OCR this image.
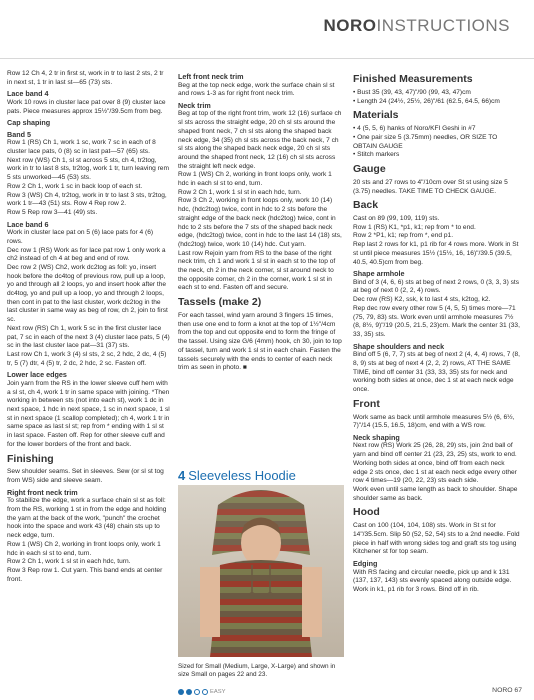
NOROINSTRUCTIONS
Row 12 Ch 4, 2 tr in first st, work in tr to last 2 sts, 2 tr in next st, 1 tr in last st—65 (73) sts.
Lace band 4
Work 10 rows in cluster lace pat over 8 (9) cluster lace pats. Piece measures approx 15½"/39.5cm from beg.
Cap shaping
Band 5
Row 1 (RS) Ch 1, work 1 sc, work 7 sc in each of 8 cluster lace pats, 0 (8) sc in last pat—57 (65) sts.
Next row (WS) Ch 1, sl st across 5 sts, ch 4, tr2tog, work in tr to last 8 sts, tr2tog, work 1 tr, turn leaving rem 5 sts unworked—45 (53) sts.
Row 2 Ch 1, work 1 sc in back loop of each st.
Row 3 (WS) Ch 4, tr2tog, work in tr to last 3 sts, tr2tog, work 1 tr—43 (51) sts. Row 4 Rep row 2.
Row 5 Rep row 3—41 (49) sts.
Lace band 6
Work in cluster lace pat on 5 (6) lace pats for 4 (6) rows.
Dec row 1 (RS) Work as for lace pat row 1 only work a ch2 instead of ch 4 at beg and end of row.
Dec row 2 (WS) Ch2, work dc2tog as foll: yo, insert hook before the dc4tog of previous row, pull up a loop, yo and through all 2 loops, yo and insert hook after the dc4tog, yo and pull up a loop, yo and through 2 loops, then cont in pat to the last cluster, work dc2tog in the last cluster in same way as beg of row, ch 2, join to first sc.
Next row (RS) Ch 1, work 5 sc in the first cluster lace pat, 7 sc in each of the next 3 (4) cluster lace pats, 5 (4) sc in the last cluster lace pat—31 (37) sts.
Last row Ch 1, work 3 (4) sl sts, 2 sc, 2 hdc, 2 dc, 4 (5) tr, 5 (7) dtr, 4 (5) tr, 2 dc, 2 hdc, 2 sc. Fasten off.
Lower lace edges
Join yarn from the RS in the lower sleeve cuff hem with a sl st, ch 4, work 1 tr in same space with joining. *Then working in between sts (not into each st), work 1 dc in next space, 1 hdc in next space, 1 sc in next space, 1 sl st in next space (1 scallop completed); ch 4, work 1 tr in same space as last sl st; rep from * ending with 1 sl st in last space. Fasten off. Rep for other sleeve cuff and for the lower borders of the front and back.
Finishing
Sew shoulder seams. Set in sleeves. Sew (or sl st tog from WS) side and sleeve seam.
Right front neck trim
To stabilize the edge, work a surface chain sl st as foll: from the RS, working 1 st in from the edge and holding the yarn at the back of the work, "punch" the crochet hook into the space and work 43 (48) chain sts up to neck edge, turn.
Row 1 (WS) Ch 2, working in front loops only, work 1 hdc in each sl st to end, turn.
Row 2 Ch 1, work 1 sl st in each hdc, turn.
Row 3 Rep row 1. Cut yarn. This band ends at center front.
Left front neck trim
Beg at the top neck edge, work the surface chain sl st and rows 1-3 as for right front neck trim.
Neck trim
Beg at top of the right front trim, work 12 (16) surface ch sl sts across the straight edge, 20 ch sl sts around the shaped front neck, 7 ch sl sts along the shaped back neck edge, 34 (35) ch sl sts across the back neck, 7 ch sl sts along the shaped back neck edge, 20 ch sl sts around the shaped front neck, 12 (16) ch sl sts across the straight left neck edge.
Row 1 (WS) Ch 2, working in front loops only, work 1 hdc in each sl st to end, turn.
Row 2 Ch 1, work 1 sl st in each hdc, turn.
Row 3 Ch 2, working in front loops only, work 10 (14) hdc, (hdc2tog) twice, cont in hdc to 2 sts before the straight edge of the back neck (hdc2tog) twice, cont in hdc to 2 sts before the 7 sts of the shaped back neck edge, (hdc2tog) twice, cont in hdc to the last 14 (18) sts, (hdc2tog) twice, work 10 (14) hdc. Cut yarn.
Last row Rejoin yarn from RS to the base of the right neck trim, ch 1 and work 1 sl st in each st to the top of the neck, ch 2 in the neck corner, sl st around neck to the opposite corner, ch 2 in the corner, work 1 sl st in each st to end. Fasten off and secure.
Tassels (make 2)
For each tassel, wind yarn around 3 fingers 15 times, then use one end to form a knot at the top of 1½"/4cm from the top and cut opposite end to form the fringe of the tassel. Using size G/6 (4mm) hook, ch 30, join to top of tassel, turn and work 1 sl st in each chain. Fasten the tassels securely with the ends to center of each neck trim as seen in photo. ■
Finished Measurements
• Bust 35 (39, 43, 47)"/90 (99, 43, 47)cm
• Length 24 (24½, 25½, 26)"/61 (62.5, 64.5, 66)cm
Materials
• 4 (5, 5, 6) hanks of Noro/KFI Geshi in #7
• One pair size 5 (3.75mm) needles, OR SIZE TO OBTAIN GAUGE
• Stitch markers
Gauge
20 sts and 27 rows to 4"/10cm over St st using size 5 (3.75) needles. TAKE TIME TO CHECK GAUGE.
Back
Cast on 89 (99, 109, 119) sts.
Row 1 (RS) K1, *p1, k1; rep from * to end.
Row 2 *P1, k1; rep from *, end p1.
Rep last 2 rows for k1, p1 rib for 4 rows more. Work in St st until piece measures 15½ (15½, 16, 16)"/39.5 (39.5, 40.5, 40.5)cm from beg.
Shape armhole
Bind of 3 (4, 6, 6) sts at beg of next 2 rows, 0 (3, 3, 3) sts at beg of next 0 (2, 2, 4) rows.
Dec row (RS) K2, ssk, k to last 4 sts, k2tog, k2.
Rep dec row every other row 5 (4, 5, 5) times more—71 (75, 79, 83) sts. Work even until armhole measures 7½ (8, 8½, 9)"/19 (20.5, 21.5, 23)cm. Mark the center 31 (33, 33, 35) sts.
Shape shoulders and neck
Bind off 5 (6, 7, 7) sts at beg of next 2 (4, 4, 4) rows, 7 (8, 8, 9) sts at beg of next 4 (2, 2, 2) rows, AT THE SAME TIME, bind off center 31 (33, 33, 35) sts for neck and working both sides at once, dec 1 st at each neck edge once.
Front
Work same as back until armhole measures 5½ (6, 6½, 7)"/14 (15.5, 16.5, 18)cm, end with a WS row.
Neck shaping
Next row (RS) Work 25 (26, 28, 29) sts, join 2nd ball of yarn and bind off center 21 (23, 23, 25) sts, work to end. Working both sides at once, bind off from each neck edge 2 sts once, dec 1 st at each neck edge every other row 4 times—19 (20, 22, 23) sts each side.
Work even until same length as back to shoulder. Shape shoulder same as back.
Hood
Cast on 100 (104, 104, 108) sts. Work in St st for 14"/35.5cm. Slip 50 (52, 52, 54) sts to a 2nd needle. Fold piece in half with wrong sides tog and graft sts tog using Kitchener st for top seam.
Edging
With RS facing and circular needle, pick up and k 131 (137, 137, 143) sts evenly spaced along outside edge. Work in k1, p1 rib for 3 rows. Bind off in rib.
4 Sleeveless Hoodie
Sized for Small (Medium, Large, X-Large) and shown in size Small on pages 22 and 23.
EASY	NORO 67
